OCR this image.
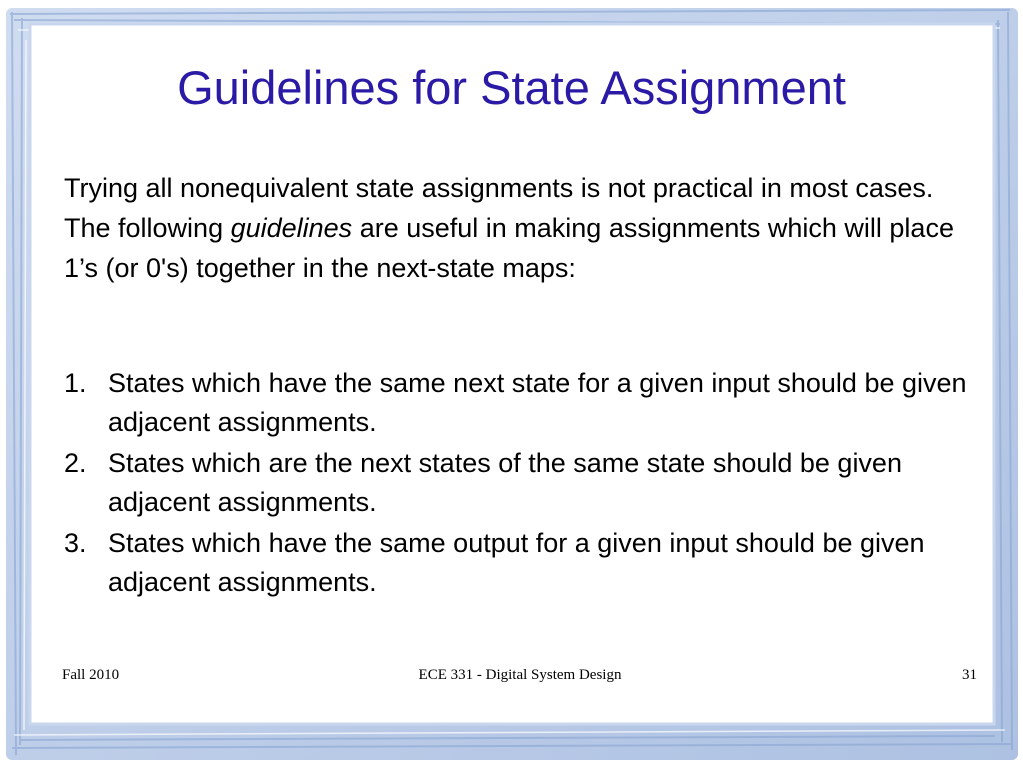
Guidelines for State Assignment

Trying all nonequivalent state assignments is not practical in most cases. The following guidelines are useful in making assignments which will place 1’s (or 0's) together in the next-state maps:

1. States which have the same next state for a given input should be given adjacent assignments.
2. States which are the next states of the same state should be given adjacent assignments.
3. States which have the same output for a given input should be given adjacent assignments.
Fall 2010	ECE 331 - Digital System Design	31
